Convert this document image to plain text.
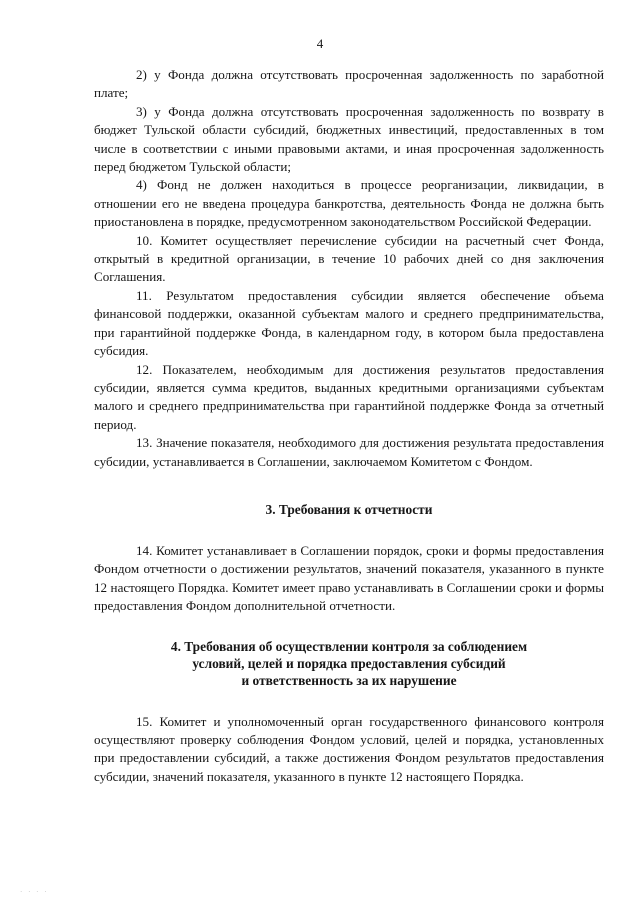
4

2) у Фонда должна отсутствовать просроченная задолженность по заработной плате;

3) у Фонда должна отсутствовать просроченная задолженность по возврату в бюджет Тульской области субсидий, бюджетных инвестиций, предоставленных в том числе в соответствии с иными правовыми актами, и иная просроченная задолженность перед бюджетом Тульской области;

4) Фонд не должен находиться в процессе реорганизации, ликвидации, в отношении его не введена процедура банкротства, деятельность Фонда не должна быть приостановлена в порядке, предусмотренном законодательством Российской Федерации.

10. Комитет осуществляет перечисление субсидии на расчетный счет Фонда, открытый в кредитной организации, в течение 10 рабочих дней со дня заключения Соглашения.

11. Результатом предоставления субсидии является обеспечение объема финансовой поддержки, оказанной субъектам малого и среднего предпринимательства, при гарантийной поддержке Фонда, в календарном году, в котором была предоставлена субсидия.

12. Показателем, необходимым для достижения результатов предоставления субсидии, является сумма кредитов, выданных кредитными организациями субъектам малого и среднего предпринимательства при гарантийной поддержке Фонда за отчетный период.

13. Значение показателя, необходимого для достижения результата предоставления субсидии, устанавливается в Соглашении, заключаемом Комитетом с Фондом.

3. Требования к отчетности

14. Комитет устанавливает в Соглашении порядок, сроки и формы предоставления Фондом отчетности о достижении результатов, значений показателя, указанного в пункте 12 настоящего Порядка. Комитет имеет право устанавливать в Соглашении сроки и формы предоставления Фондом дополнительной отчетности.

4. Требования об осуществлении контроля за соблюдением
условий, целей и порядка предоставления субсидий
и ответственность за их нарушение

15. Комитет и уполномоченный орган государственного финансового контроля осуществляют проверку соблюдения Фондом условий, целей и порядка, установленных при предоставлении субсидий, а также достижения Фондом результатов предоставления субсидии, значений показателя, указанного в пункте 12 настоящего Порядка.

· · · ·
